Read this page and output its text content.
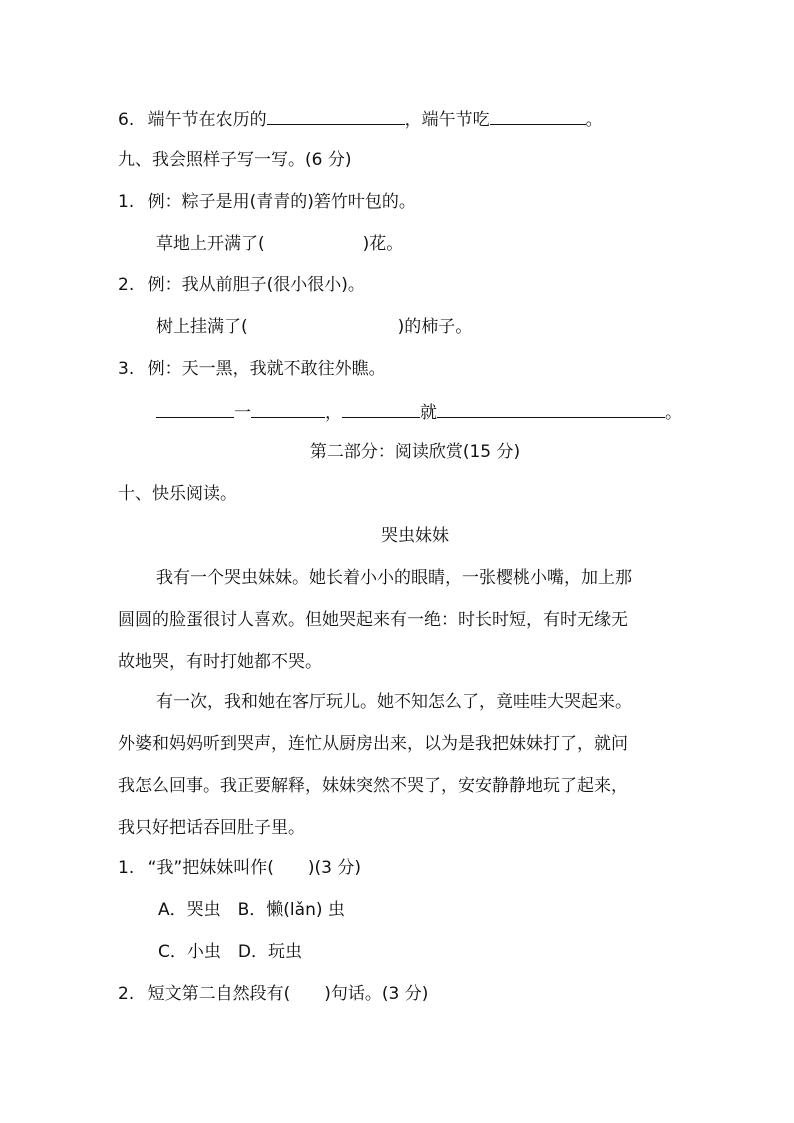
6. 端午节在农历的	，端午节吃	。
九、我会照样子写一写。(6 分)
1. 例：粽子是用(青青的)箬竹叶包的。
草地上开满了(	)花。
2. 例：我从前胆子(很小很小)。
树上挂满了(	)的柿子。
3. 例：天一黑，我就不敢往外瞧。
一	，	就	。
第二部分：阅读欣赏(15 分)
十、快乐阅读。
哭虫妹妹
我有一个哭虫妹妹。她长着小小的眼睛，一张樱桃小嘴，加上那
圆圆的脸蛋很讨人喜欢。但她哭起来有一绝：时长时短，有时无缘无
故地哭，有时打她都不哭。
有一次，我和她在客厅玩儿。她不知怎么了，竟哇哇大哭起来。
外婆和妈妈听到哭声，连忙从厨房出来，以为是我把妹妹打了，就问
我怎么回事。我正要解释，妹妹突然不哭了，安安静静地玩了起来，
我只好把话吞回肚子里。
1. “我”把妹妹叫作( )(3 分)
A．哭虫　B．懒(lǎn) 虫
C．小虫　D．玩虫
2. 短文第二自然段有( )句话。(3 分)
